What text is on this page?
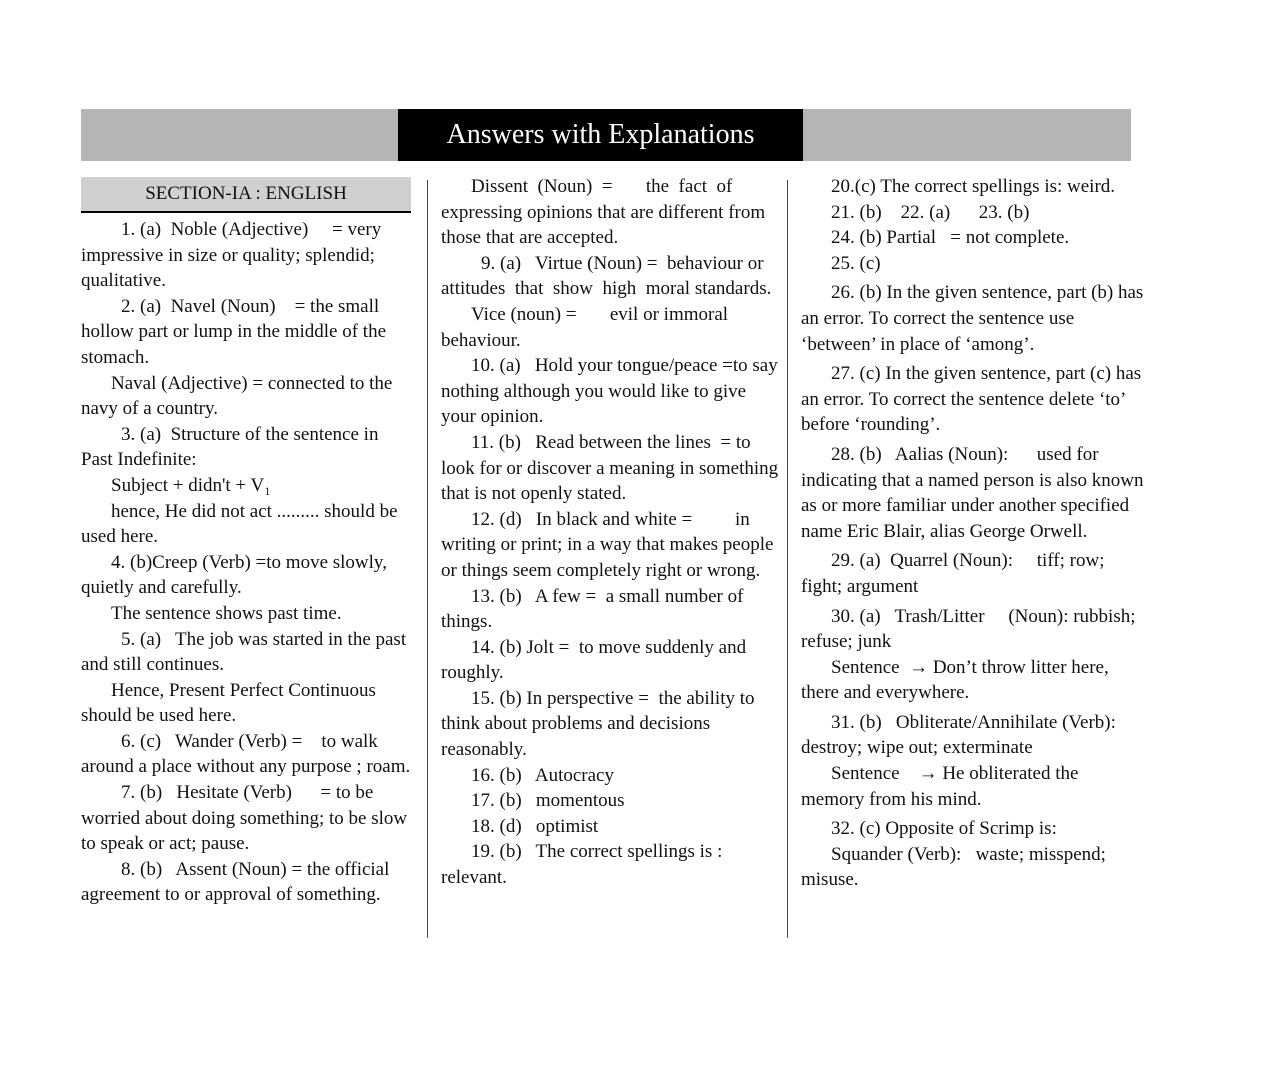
Answers with Explanations
SECTION-IA : ENGLISH

1. (a)  Noble (Adjective)     = very impressive in size or quality; splendid; qualitative.

2. (a)  Navel (Noun)    = the small hollow part or lump in the middle of the stomach.

Naval (Adjective) = connected to the navy of a country.

3. (a)  Structure of the sentence in Past Indefinite:

Subject + didn't + V₁

hence, He did not act ......... should be used here.

4. (b)Creep (Verb) =to move slowly, quietly and carefully.

The sentence shows past time.

5. (a)   The job was started in the past and still continues.

Hence, Present Perfect Continuous should be used here.

6. (c)   Wander (Verb) =    to walk around a place without any purpose ; roam.

7. (b)   Hesitate (Verb)      = to be worried about doing something; to be slow to speak or act; pause.

8. (b)   Assent (Noun) = the official agreement to or approval of something.

Dissent  (Noun)  =       the  fact  of expressing opinions that are different from those that are accepted.

9. (a)   Virtue (Noun) =  behaviour or  attitudes  that  show  high  moral standards.

Vice (noun) =       evil or immoral behaviour.

10. (a)   Hold your tongue/peace =to say nothing although you would like to give your opinion.

11. (b)   Read between the lines  = to look for or discover a meaning in something that is not openly stated.

12. (d)   In black and white =         in writing or print; in a way that makes people or things seem completely right or wrong.

13. (b)   A few =  a small number of things.

14. (b) Jolt =  to move suddenly and roughly.

15. (b) In perspective =  the ability to think about problems and decisions reasonably.

16. (b)   Autocracy

17. (b)   momentous

18. (d)   optimist

19. (b)   The correct spellings is : relevant.

20.(c) The correct spellings is: weird.

21. (b)    22. (a)      23. (b)

24. (b) Partial   = not complete.

25. (c)

26. (b) In the given sentence, part (b) has an error. To correct the sentence use ‘between’ in place of ‘among’.

27. (c) In the given sentence, part (c) has an error. To correct the sentence delete ‘to’ before ‘rounding’.

28. (b)   Aalias (Noun):      used for indicating that a named person is also known as or more familiar under another specified name Eric Blair, alias George Orwell.

29. (a)  Quarrel (Noun):     tiff; row; fight; argument

30. (a)   Trash/Litter     (Noun): rubbish; refuse; junk

Sentence  → Don’t throw litter here, there and everywhere.

31. (b)   Obliterate/Annihilate (Verb):  destroy; wipe out; exterminate

Sentence    → He obliterated the memory from his mind.

32. (c) Opposite of Scrimp is:

Squander (Verb):   waste; misspend; misuse.
